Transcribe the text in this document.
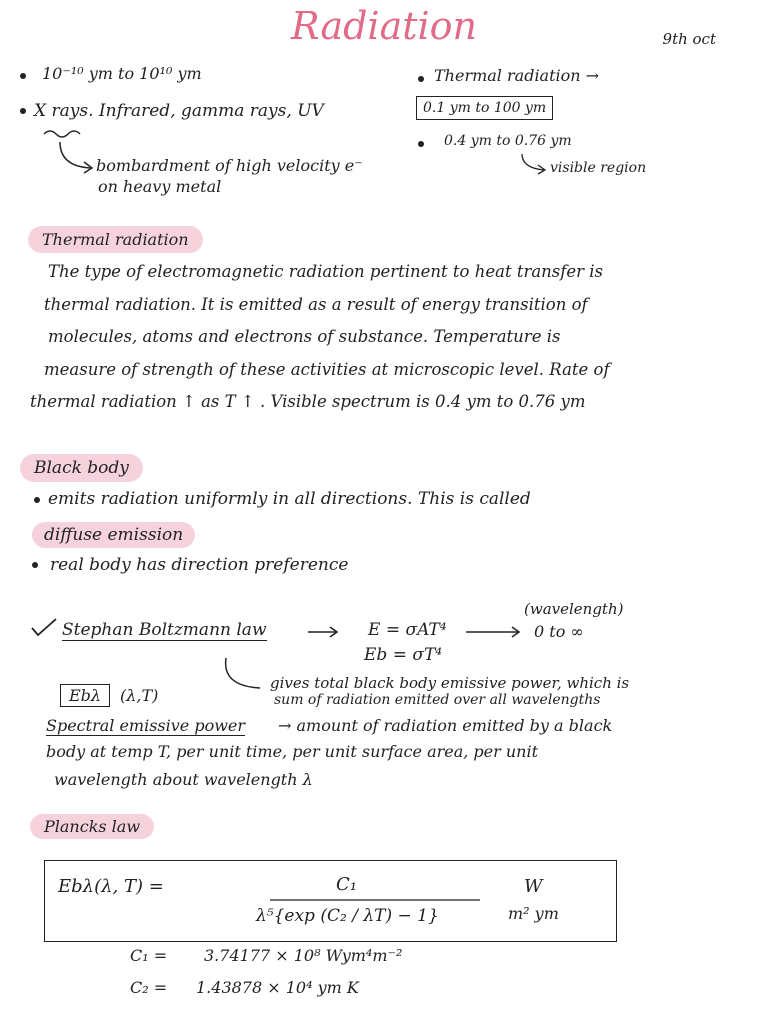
Radiation	9th oct
10⁻¹⁰ ym to 10¹⁰ ym
X rays. Infrared, gamma rays, UV
bombardment of high velocity e⁻
on heavy metal
Thermal radiation →
0.1 ym to 100 ym
0.4 ym to 0.76 ym
visible region
Thermal radiation
The type of electromagnetic radiation pertinent to heat transfer is
thermal radiation. It is emitted as a result of energy transition of
molecules, atoms and electrons of substance. Temperature is
measure of strength of these activities at microscopic level. Rate of
thermal radiation ↑ as T ↑ . Visible spectrum is 0.4 ym to 0.76 ym
Black body
emits radiation uniformly in all directions. This is called
diffuse emission
real body has direction preference
Stephan Boltzmann law	E = σAT⁴
(wavelength)
0 to ∞
Eb = σT⁴
gives total black body emissive power, which is
sum of radiation emitted over all wavelengths
Ebλ	(λ,T)
Spectral emissive power → amount of radiation emitted by a black
body at temp T, per unit time, per unit surface area, per unit
wavelength about wavelength λ
Plancks law
Ebλ(λ, T) =	C₁
λ⁵{exp (C₂ / λT) − 1}
W
m² ym
C₁ = 3.74177 × 10⁸ Wym⁴m⁻²
C₂ = 1.43878 × 10⁴ ym K
